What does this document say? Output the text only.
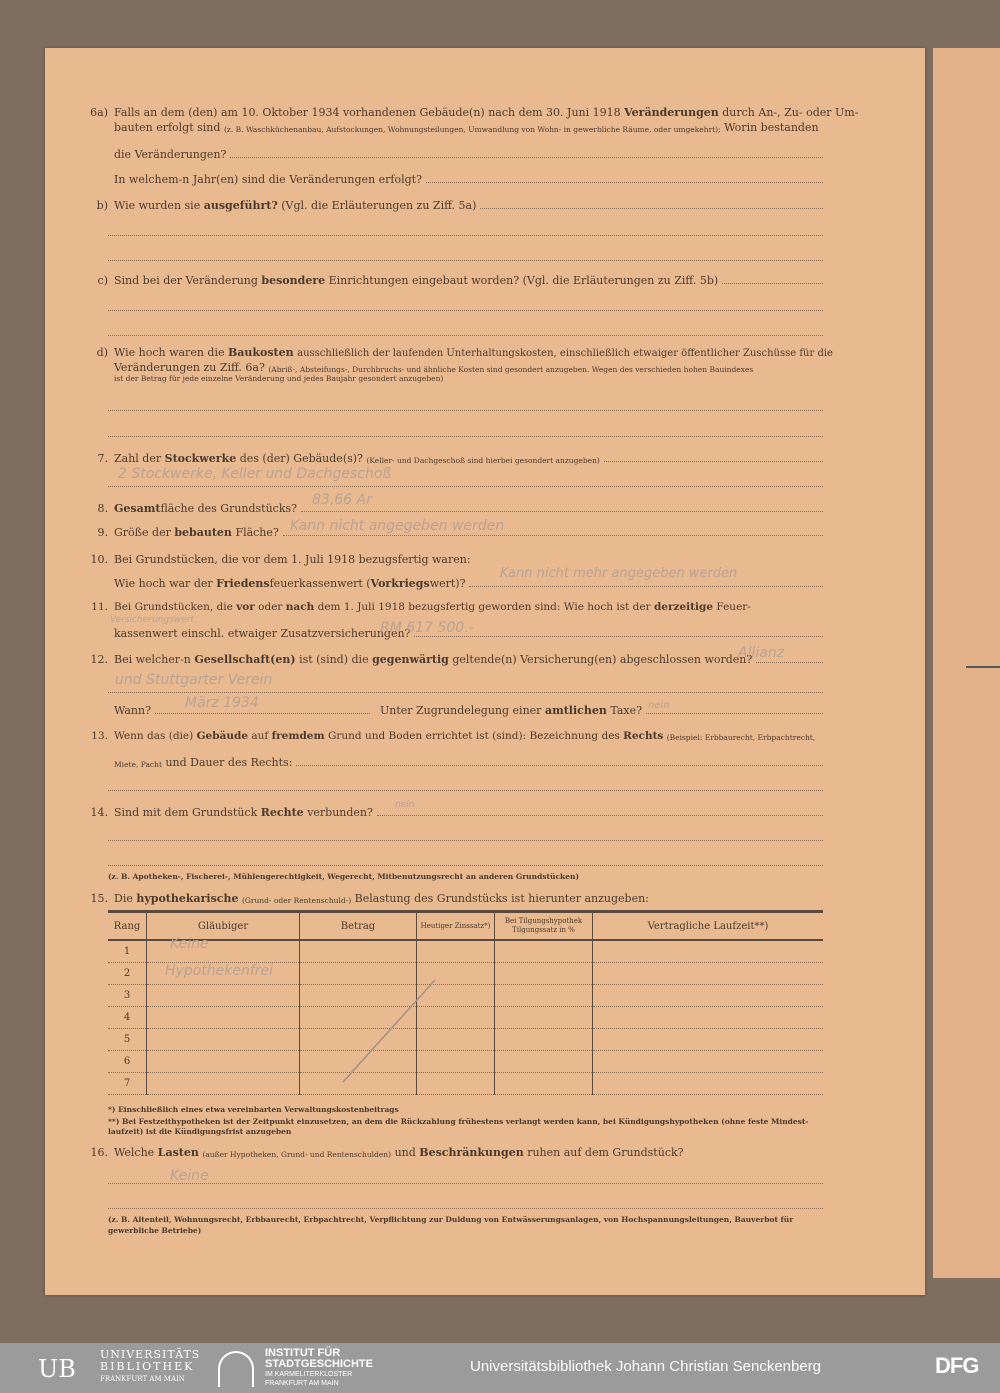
6a) Falls an dem (den) am 10. Oktober 1934 vorhandenen Gebäude(n) nach dem 30. Juni 1918
Veränderungen
durch An-, Zu- oder Um-
bauten erfolgt sind
(z. B. Waschküchenanbau, Aufstockungen, Wohnungsteilungen, Umwandlung von Wohn- in gewerbliche Räume, oder umgekehrt);
Worin bestanden
die Veränderungen?
In welchem-n Jahr(en) sind die Veränderungen erfolgt?
b) Wie wurden sie
ausgeführt?
(Vgl. die Erläuterungen zu Ziff. 5a)
c) Sind bei der Veränderung
besondere
Einrichtungen eingebaut worden? (Vgl. die Erläuterungen zu Ziff. 5b)
d) Wie hoch waren die
Baukosten
ausschließlich der laufenden Unterhaltungskosten, einschließlich etwaiger öffentlicher Zuschüsse für die
Veränderungen zu Ziff. 6a?
(Abriß-, Absteifungs-, Durchbruchs- und ähnliche Kosten sind gesondert anzugeben. Wegen des verschieden hohen Bauindexes
ist der Betrag für jede einzelne Veränderung und jedes Baujahr gesondert anzugeben)
7. Zahl der
Stockwerke
des (der) Gebäude(s)?
(Keller- und Dachgeschoß sind hierbei gesondert anzugeben)
2 Stockwerke, Keller und Dachgeschoß
8. Gesamt fläche des Grundstücks?
83,66 Ar
9. Größe der
bebauten
Fläche? Kann nicht angegeben werden
10. Bei Grundstücken, die vor dem 1. Juli 1918 bezugsfertig waren:
Wie hoch war der
Friedens feuerkassenwert ( Vorkriegs wert)?
Kann nicht mehr angegeben werden
11. Bei Grundstücken, die
vor
oder
nach
dem 1. Juli 1918 bezugsfertig geworden sind: Wie hoch ist der
derzeitige
Feuer-
Versicherungswert
kassenwert einschl. etwaiger Zusatzversicherungen?
RM 617 500.-
12. Bei welcher-n
Gesellschaft(en)
ist (sind) die
gegenwärtig
geltende(n) Versicherung(en) abgeschlossen worden?
Allianz
und Stuttgarter Verein
Wann?	Unter Zugrundelegung einer
amtlichen
Taxe?
März 1934	nein
13. Wenn das (die)
Gebäude
auf
fremdem
Grund und Boden errichtet ist (sind): Bezeichnung des
Rechts
(Beispiel: Erbbaurecht, Erbpachtrecht,
Miete, Pacht
und Dauer des Rechts:
14. Sind mit dem Grundstück
Rechte
verbunden?
nein
(z. B. Apotheken-, Fischerei-, Mühlengerechtigkeit, Wegerecht, Mitbenutzungsrecht an anderen Grundstücken)
15. Die
hypothekarische
(Grund- oder Rentenschuld-)
Belastung des Grundstücks ist hierunter anzugeben:
Rang	Gläubiger	Betrag	Heutiger Zinssatz*)	Bei Tilgungshypothek Tilgungssatz in %	Vertragliche Laufzeit**)
1					
2					
3					
4					
5					
6					
7					
Keine
Hypothekenfrei
*) Einschließlich eines etwa vereinbarten Verwaltungskostenbeitrags
**) Bei Festzeithypotheken ist der Zeitpunkt einzusetzen, an dem die Rückzahlung frühestens verlangt werden kann, bei Kündigungshypotheken (ohne feste Mindest-laufzeit) ist die Kündigungsfrist anzugeben
16. Welche
Lasten
(außer Hypotheken, Grund- und Rentenschulden)
und
Beschränkungen
ruhen auf dem Grundstück?
Keine
(z. B. Altenteil, Wohnungsrecht, Erbbaurecht, Erbpachtrecht, Verpflichtung zur Duldung von Entwässerungsanlagen, von Hochspannungsleitungen, Bauverbot für gewerbliche Betriebe)
UB
UNIVERSITÄTS
BIBLIOTHEK
FRANKFURT AM MAIN
INSTITUT FÜR
STADTGESCHICHTE
IM KARMELITERKLOSTER
FRANKFURT AM MAIN
Universitätsbibliothek Johann Christian Senckenberg	DFG
